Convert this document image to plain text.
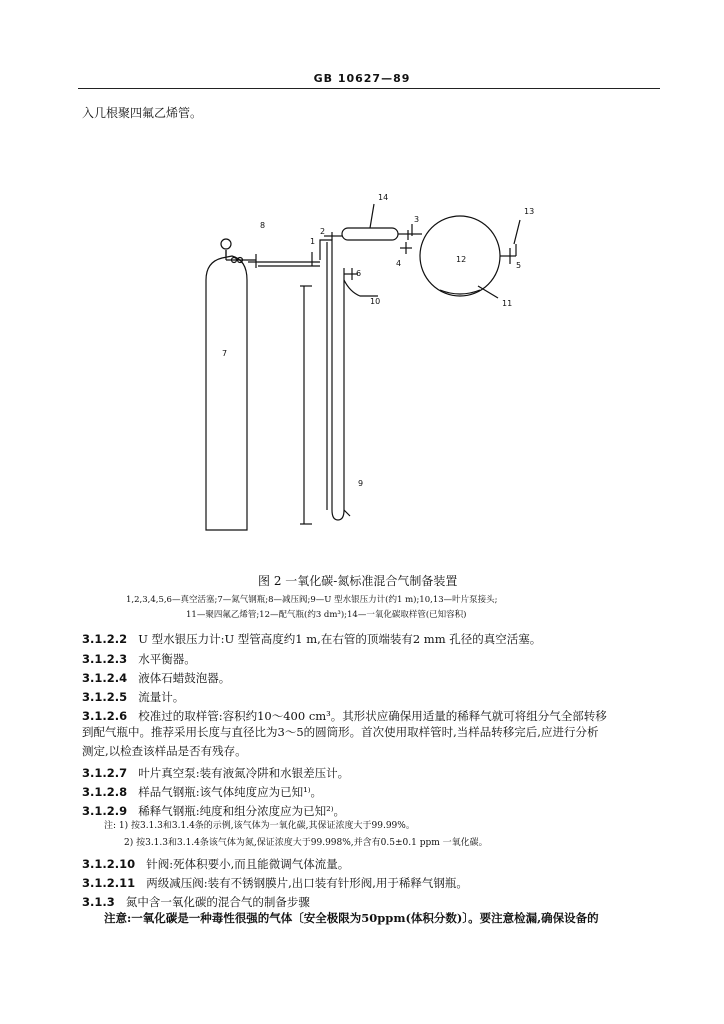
GB 10627—89
入几根聚四氟乙烯管。
1
2
3
4	5
6
7
8
9
10	11
12
13
14
图 2 一氧化碳-氮标准混合气制备装置
1,2,3,4,5,6—真空活塞;7—氮气钢瓶;8—减压阀;9—U 型水银压力计(约1 m);10,13—叶片泵接头;
11—聚四氟乙烯管;12—配气瓶(约3 dm³);14—一氧化碳取样管(已知容积)
3.1.2.2 U 型水银压力计:U 型管高度约1 m,在右管的顶端装有2 mm 孔径的真空活塞。
3.1.2.3 水平衡器。
3.1.2.4 液体石蜡鼓泡器。
3.1.2.5 流量计。
3.1.2.6 校准过的取样管:容积约10～400 cm³。其形状应确保用适量的稀释气就可将组分气全部转移
到配气瓶中。推荐采用长度与直径比为3～5的圆筒形。首次使用取样管时,当样品转移完后,应进行分析
测定,以检查该样品是否有残存。
3.1.2.7 叶片真空泵:装有液氮冷阱和水银差压计。
3.1.2.8 样品气钢瓶:该气体纯度应为已知¹⁾。
3.1.2.9 稀释气钢瓶:纯度和组分浓度应为已知²⁾。
注: 1) 按3.1.3和3.1.4条的示例,该气体为一氧化碳,其保证浓度大于99.99%。
2) 按3.1.3和3.1.4条该气体为氮,保证浓度大于99.998%,并含有0.5±0.1 ppm 一氧化碳。
3.1.2.10 针阀:死体积要小,而且能微调气体流量。
3.1.2.11 两级减压阀:装有不锈钢膜片,出口装有针形阀,用于稀释气钢瓶。
3.1.3 氮中含一氧化碳的混合气的制备步骤
注意:一氧化碳是一种毒性很强的气体〔安全极限为50ppm(体积分数)〕。要注意检漏,确保设备的
